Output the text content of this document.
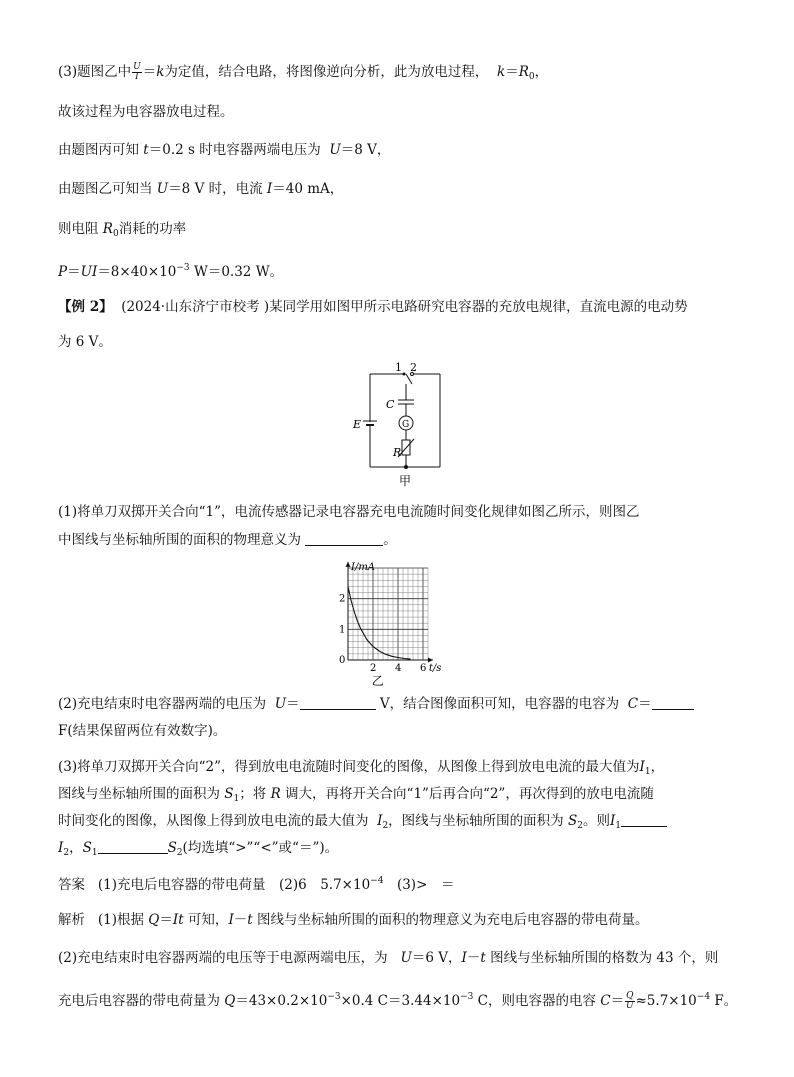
(3)题图乙中 $\frac{U}{I} =k$为定值，结合电路，将图像逆向分析，此为放电过程， $k=R_0$，
故该过程为电容器放电过程。
由题图丙可知 t＝0.2 s 时电容器两端电压为 U＝8 V，
由题图乙可知当 U＝8 V 时，电流 I＝40 mA，
则电阻 $R_0$消耗的功率
$P=UI=8\times 40\times 10^{-3}$ W＝0.32 W。
【例 2】 (2024·山东济宁市校考 )某同学用如图甲所示电路研究电容器的充放电规律，直流电源的电动势
为 6 V。
1 2
C
G
E
R
甲
(1)将单刀双掷开关合向“1”，电流传感器记录电容器充电电流随时间变化规律如图乙所示，则图乙
中图线与坐标轴所围的面积的物理意义为	。
2 4 6
1
2
0
I/mA
t/s
乙
(2)充电结束时电容器两端的电压为 U＝	V，结合图像面积可知，电容器的电容为 C＝
F(结果保留两位有效数字)。
(3)将单刀双掷开关合向“2”，得到放电电流随时间变化的图像，从图像上得到放电电流的最大值为$I_1$，
图线与坐标轴所围的面积为 $S_1$；将 R 调大，再将开关合向“1”后再合向“2”，再次得到的放电电流随
时间变化的图像，从图像上得到放电电流的最大值为 $I_2$，图线与坐标轴所围的面积为 $S_2$。则$I_1$
$I_2$，$S_1$	$S_2$(均选填“>”“<”或“＝”)。
答案 (1)充电后电容器的带电荷量　(2)6　$5.7\times 10^{-4}$　(3)>　＝
解析 (1)根据 Q＝It 可知，I－t 图线与坐标轴所围的面积的物理意义为充电后电容器的带电荷量。
(2)充电结束时电容器两端的电压等于电源两端电压，为 U＝6 V，I－t 图线与坐标轴所围的格数为 43 个，则
充电后电容器的带电荷量为 $Q=43\times 0.2\times 10^{-3}\times 0.4$ $C=3.44\times 10^{-3}$ C，则电容器的电容 $C= \frac{Q}{U} \approx 5.7\times 10^{-4}$ F。
